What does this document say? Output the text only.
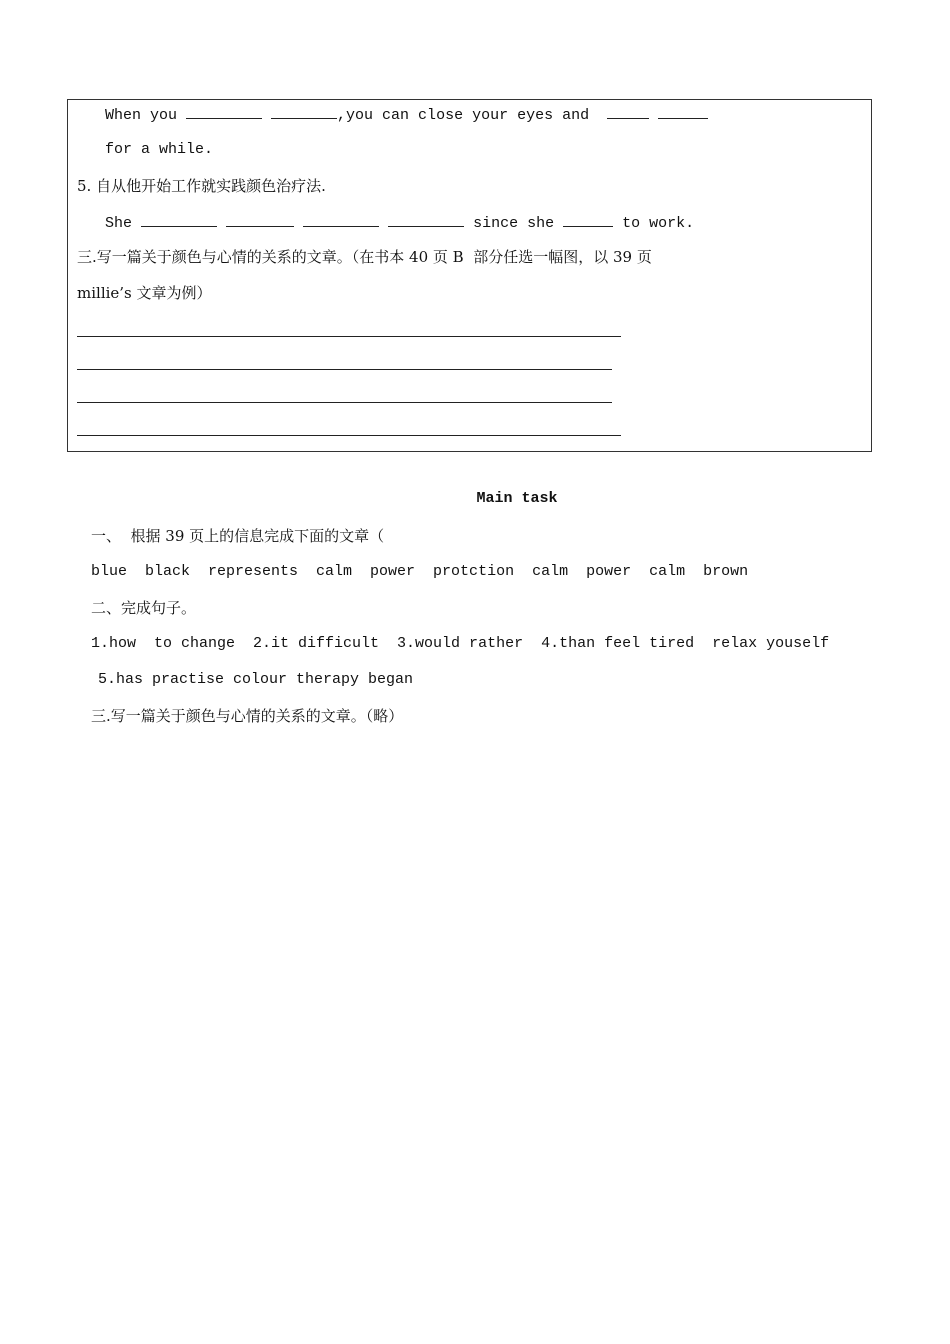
When you	,you can close your eyes and
for a while.
5. 自从他开始工作就实践颜色治疗法.
She	since she	to work.
三.写一篇关于颜色与心情的关系的文章。（在书本 40 页 B  部分任选一幅图，以 39 页
millie’s 文章为例）
Main task
一、  根据 39 页上的信息完成下面的文章（
blue  black  represents  calm  power  protction  calm  power  calm  brown
二、完成句子。
1.how  to change  2.it difficult  3.would rather  4.than feel tired  relax youself
5.has practise colour therapy began
三.写一篇关于颜色与心情的关系的文章。（略）
